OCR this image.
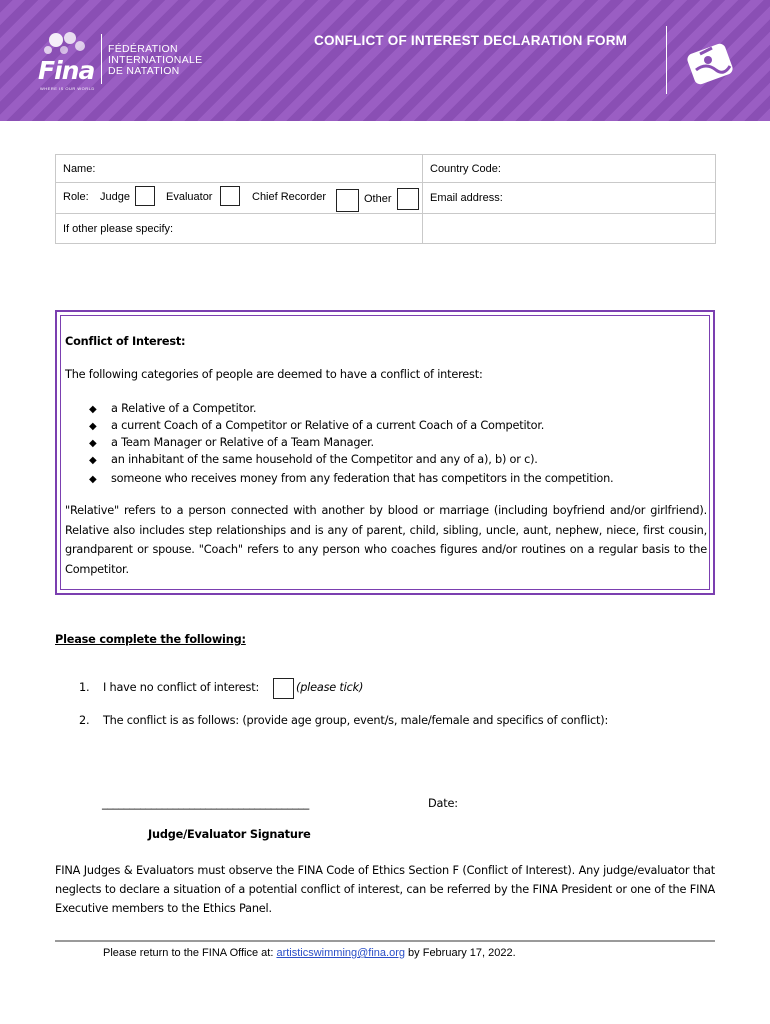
Fina
WHERE IS OUR WORLD
FÉDÉRATION
INTERNATIONALE
DE NATATION
CONFLICT OF INTEREST DECLARATION FORM
Name:	Country Code:

Role: Judge Evaluator Chief Recorder Other	Email address:
If other please specify:	
Conflict of Interest:
The following categories of people are deemed to have a conflict of interest:
◆ a Relative of a Competitor.
◆ a current Coach of a Competitor or Relative of a current Coach of a Competitor.
◆ a Team Manager or Relative of a Team Manager.
◆ an inhabitant of the same household of the Competitor and any of a), b) or c).
◆ someone who receives money from any federation that has competitors in the competition.
"Relative" refers to a person connected with another by blood or marriage (including boyfriend and/or girlfriend). Relative also includes step relationships and is any of parent, child, sibling, uncle, aunt, nephew, niece, first cousin, grandparent or spouse. "Coach" refers to any person who coaches figures and/or routines on a regular basis to the Competitor.
Please complete the following:
1. I have no conflict of interest:	(please tick)
2. The conflict is as follows: (provide age group, event/s, male/female and specifics of conflict):
______________________________________	Date:
Judge/Evaluator Signature
FINA Judges & Evaluators must observe the FINA Code of Ethics Section F (Conflict of Interest). Any judge/evaluator that neglects to declare a situation of a potential conflict of interest, can be referred by the FINA President or one of the FINA Executive members to the Ethics Panel.
Please return to the FINA Office at: artisticswimming@fina.org by February 17, 2022.
